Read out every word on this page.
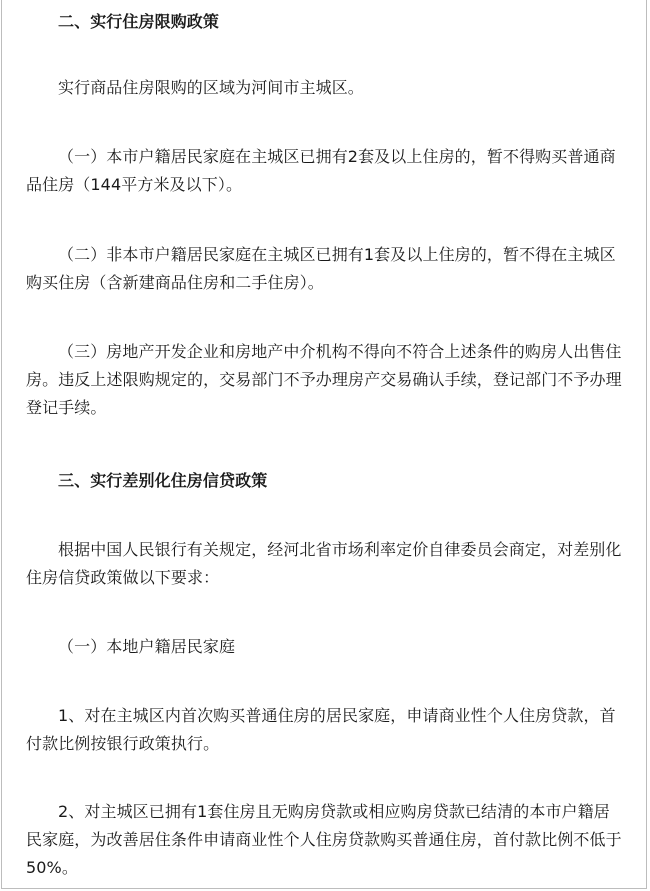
二、实行住房限购政策

实行商品住房限购的区域为河间市主城区。

（一）本市户籍居民家庭在主城区已拥有2套及以上住房的，暂不得购买普通商品住房（144平方米及以下）。

（二）非本市户籍居民家庭在主城区已拥有1套及以上住房的，暂不得在主城区购买住房（含新建商品住房和二手住房）。

（三）房地产开发企业和房地产中介机构不得向不符合上述条件的购房人出售住房。违反上述限购规定的，交易部门不予办理房产交易确认手续，登记部门不予办理登记手续。

三、实行差别化住房信贷政策

根据中国人民银行有关规定，经河北省市场利率定价自律委员会商定，对差别化住房信贷政策做以下要求：

（一）本地户籍居民家庭

1、对在主城区内首次购买普通住房的居民家庭，申请商业性个人住房贷款，首付款比例按银行政策执行。

2、对主城区已拥有1套住房且无购房贷款或相应购房贷款已结清的本市户籍居民家庭，为改善居住条件申请商业性个人住房贷款购买普通住房，首付款比例不低于50%。
